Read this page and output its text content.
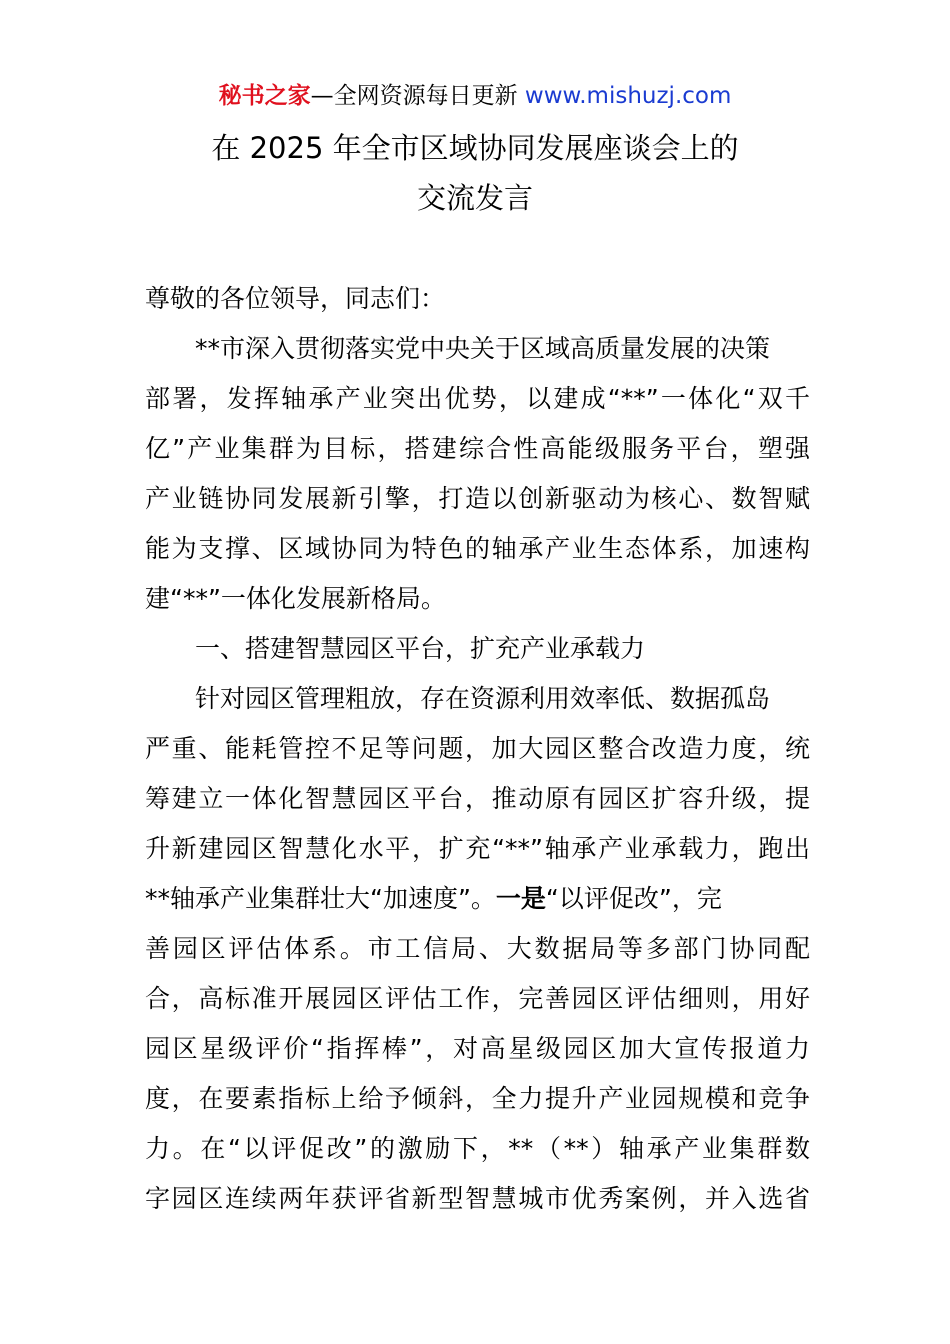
秘书之家—全网资源每日更新 www.mishuzj.com
在 2025 年全市区域协同发展座谈会上的
交流发言
尊敬的各位领导，同志们：
**市深入贯彻落实党中央关于区域高质量发展的决策
部署，发挥轴承产业突出优势，以建成“**”一体化“双千
亿”产业集群为目标，搭建综合性高能级服务平台，塑强
产业链协同发展新引擎，打造以创新驱动为核心、数智赋
能为支撑、区域协同为特色的轴承产业生态体系，加速构
建“**”一体化发展新格局。
一、搭建智慧园区平台，扩充产业承载力
针对园区管理粗放，存在资源利用效率低、数据孤岛
严重、能耗管控不足等问题，加大园区整合改造力度，统
筹建立一体化智慧园区平台，推动原有园区扩容升级，提
升新建园区智慧化水平，扩充“**”轴承产业承载力，跑出
**轴承产业集群壮大“加速度”。 一是“以评促改”，完
善园区评估体系。市工信局、大数据局等多部门协同配
合，高标准开展园区评估工作，完善园区评估细则，用好
园区星级评价“指挥棒”，对高星级园区加大宣传报道力
度，在要素指标上给予倾斜，全力提升产业园规模和竞争
力。在“以评促改”的激励下，**（**）轴承产业集群数
字园区连续两年获评省新型智慧城市优秀案例，并入选省
